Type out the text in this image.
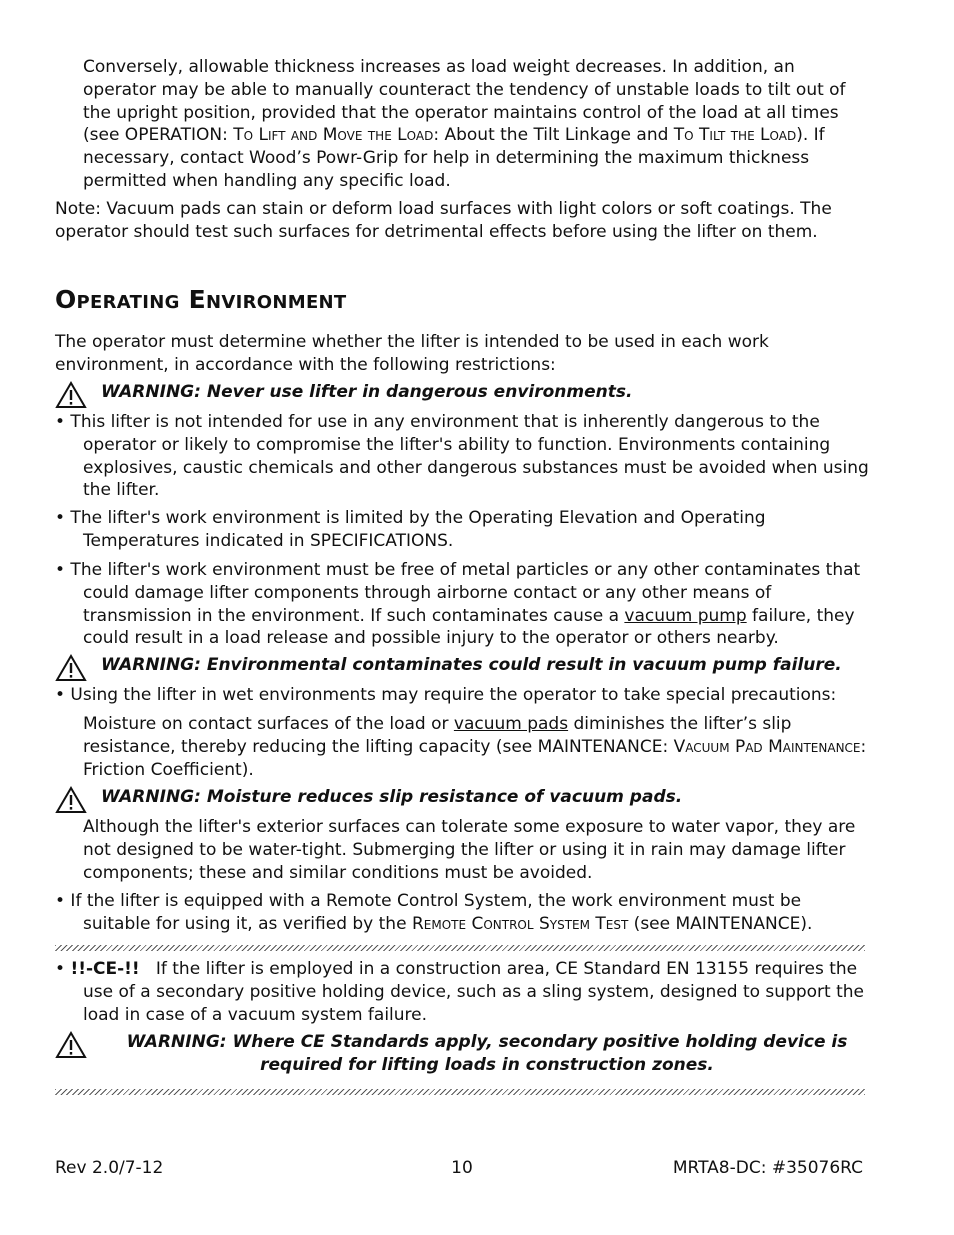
Conversely, allowable thickness increases as load weight decreases. In addition, an operator may be able to manually counteract the tendency of unstable loads to tilt out of the upright position, provided that the operator maintains control of the load at all times (see OPERATION: To Lift and Move the Load: About the Tilt Linkage and To Tilt the Load). If necessary, contact Wood’s Powr-Grip for help in determining the maximum thickness permitted when handling any specific load.
Note: Vacuum pads can stain or deform load surfaces with light colors or soft coatings. The operator should test such surfaces for detrimental effects before using the lifter on them.
Operating Environment
The operator must determine whether the lifter is intended to be used in each work environment, in accordance with the following restrictions:
WARNING: Never use lifter in dangerous environments.
• This lifter is not intended for use in any environment that is inherently dangerous to the operator or likely to compromise the lifter's ability to function. Environments containing explosives, caustic chemicals and other dangerous substances must be avoided when using the lifter.
• The lifter's work environment is limited by the Operating Elevation and Operating Temperatures indicated in SPECIFICATIONS.
• The lifter's work environment must be free of metal particles or any other contaminates that could damage lifter components through airborne contact or any other means of transmission in the environment. If such contaminates cause a vacuum pump failure, they could result in a load release and possible injury to the operator or others nearby.
WARNING: Environmental contaminates could result in vacuum pump failure.
• Using the lifter in wet environments may require the operator to take special precautions:
Moisture on contact surfaces of the load or vacuum pads diminishes the lifter’s slip resistance, thereby reducing the lifting capacity (see MAINTENANCE: Vacuum Pad Maintenance: Friction Coefficient).
WARNING: Moisture reduces slip resistance of vacuum pads.
Although the lifter's exterior surfaces can tolerate some exposure to water vapor, they are not designed to be water-tight. Submerging the lifter or using it in rain may damage lifter components; these and similar conditions must be avoided.
• If the lifter is equipped with a Remote Control System, the work environment must be suitable for using it, as verified by the Remote Control System Test (see MAINTENANCE).
• !!-CE-!!   If the lifter is employed in a construction area, CE Standard EN 13155 requires the use of a secondary positive holding device, such as a sling system, designed to support the load in case of a vacuum system failure.
WARNING: Where CE Standards apply, secondary positive holding device is
required for lifting loads in construction zones.
Rev 2.0/7-12	10	MRTA8-DC: #35076RC
